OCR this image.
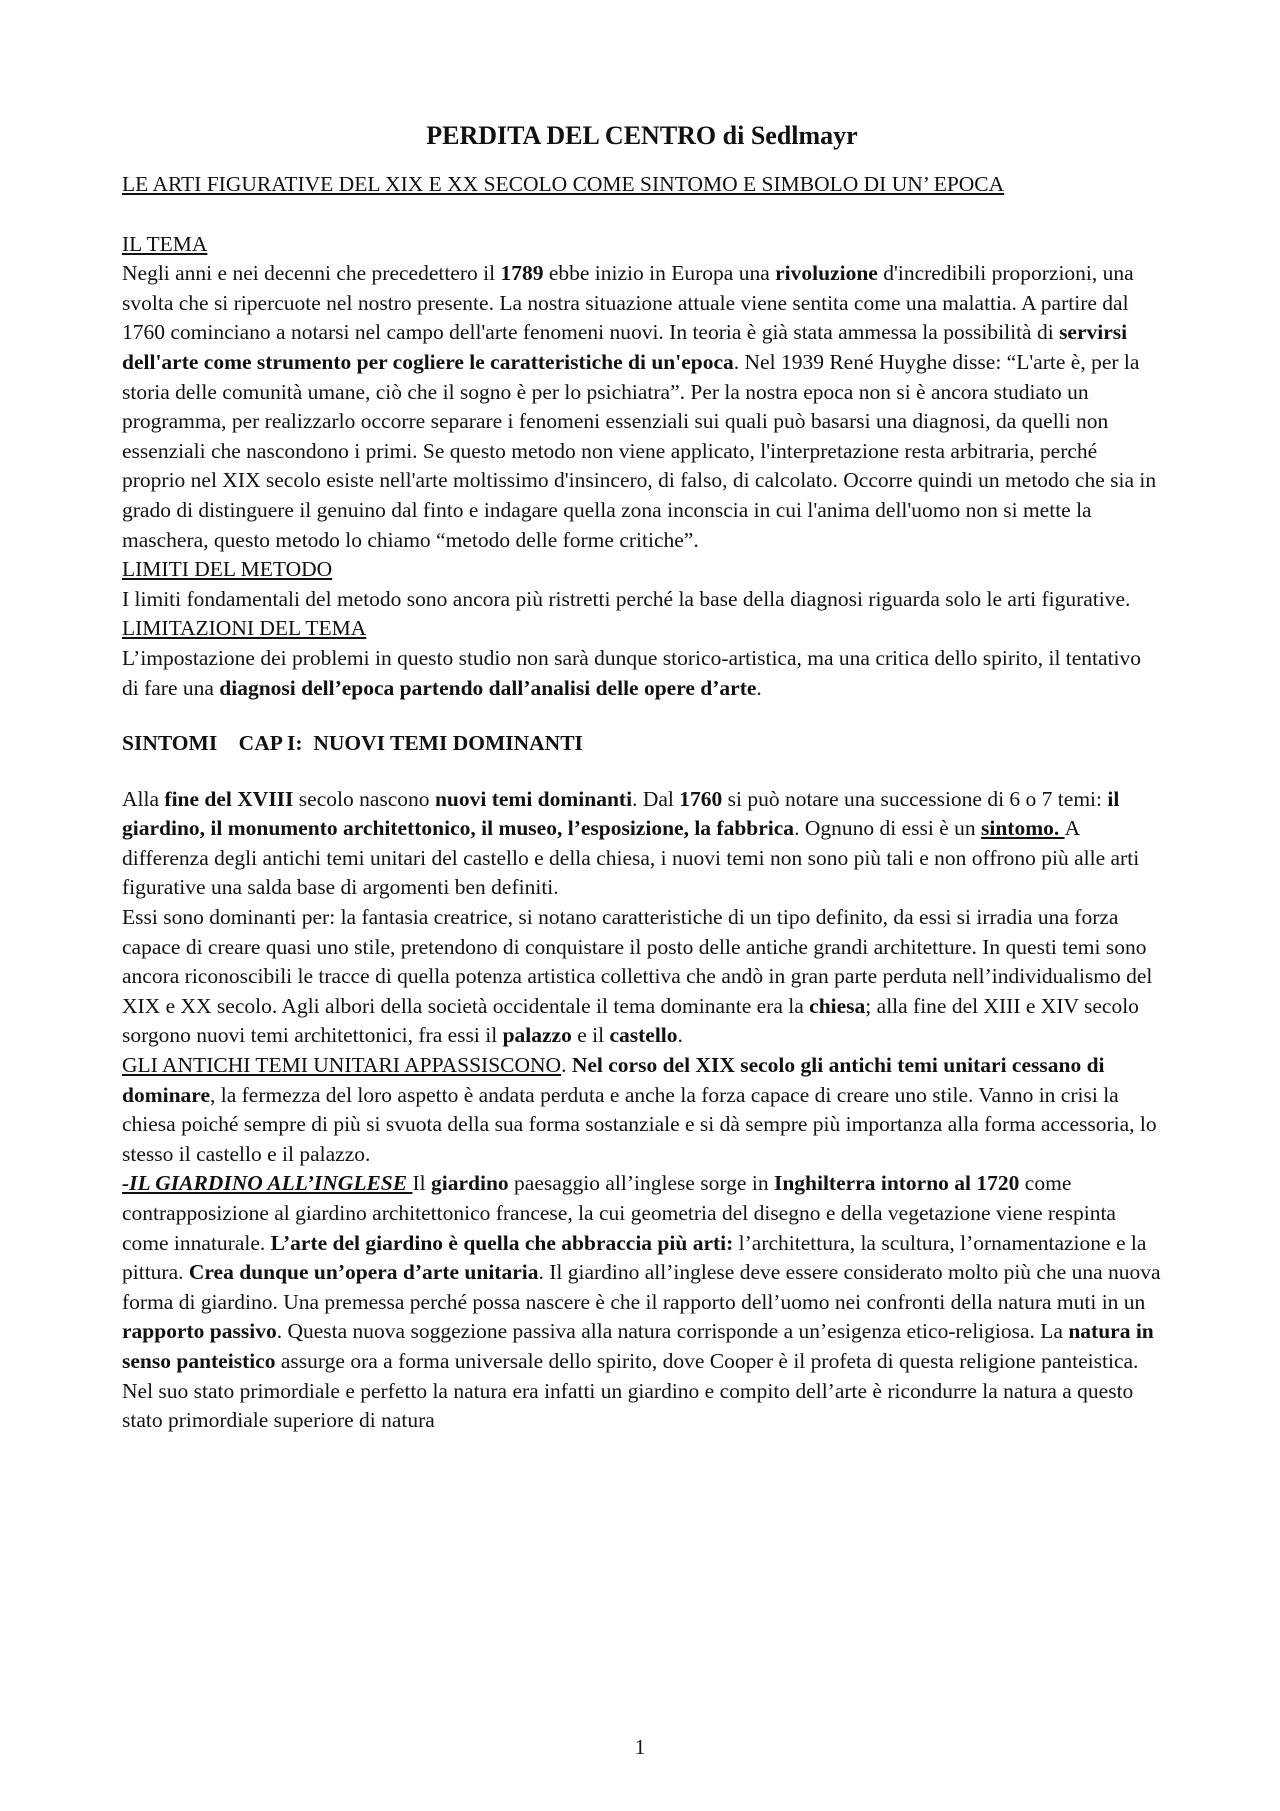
PERDITA DEL CENTRO di Sedlmayr

LE ARTI FIGURATIVE DEL XIX E XX SECOLO COME SINTOMO E SIMBOLO DI UN’ EPOCA

IL TEMA

Negli anni e nei decenni che precedettero il 1789 ebbe inizio in Europa una rivoluzione d'incredibili proporzioni, una svolta che si ripercuote nel nostro presente. La nostra situazione attuale viene sentita come una malattia. A partire dal 1760 cominciano a notarsi nel campo dell'arte fenomeni nuovi. In teoria è già stata ammessa la possibilità di servirsi dell'arte come strumento per cogliere le caratteristiche di un'epoca. Nel 1939 René Huyghe disse: “L'arte è, per la storia delle comunità umane, ciò che il sogno è per lo psichiatra”. Per la nostra epoca non si è ancora studiato un programma, per realizzarlo occorre separare i fenomeni essenziali sui quali può basarsi una diagnosi, da quelli non essenziali che nascondono i primi. Se questo metodo non viene applicato, l'interpretazione resta arbitraria, perché proprio nel XIX secolo esiste nell'arte moltissimo d'insincero, di falso, di calcolato. Occorre quindi un metodo che sia in grado di distinguere il genuino dal finto e indagare quella zona inconscia in cui l'anima dell'uomo non si mette la maschera, questo metodo lo chiamo “metodo delle forme critiche”.

LIMITI DEL METODO

I limiti fondamentali del metodo sono ancora più ristretti perché la base della diagnosi riguarda solo le arti figurative.

LIMITAZIONI DEL TEMA

L’impostazione dei problemi in questo studio non sarà dunque storico-artistica, ma una critica dello spirito, il tentativo di fare una diagnosi dell’epoca partendo dall’analisi delle opere d’arte.

SINTOMI    CAP I:  NUOVI TEMI DOMINANTI

Alla fine del XVIII secolo nascono nuovi temi dominanti. Dal 1760 si può notare una successione di 6 o 7 temi: il giardino, il monumento architettonico, il museo, l’esposizione, la fabbrica. Ognuno di essi è un sintomo. A differenza degli antichi temi unitari del castello e della chiesa, i nuovi temi non sono più tali e non offrono più alle arti figurative una salda base di argomenti ben definiti.

Essi sono dominanti per: la fantasia creatrice, si notano caratteristiche di un tipo definito, da essi si irradia una forza capace di creare quasi uno stile, pretendono di conquistare il posto delle antiche grandi architetture. In questi temi sono ancora riconoscibili le tracce di quella potenza artistica collettiva che andò in gran parte perduta nell’individualismo del XIX e XX secolo. Agli albori della società occidentale il tema dominante era la chiesa; alla fine del XIII e XIV secolo sorgono nuovi temi architettonici, fra essi il palazzo e il castello.

GLI ANTICHI TEMI UNITARI APPASSISCONO. Nel corso del XIX secolo gli antichi temi unitari cessano di dominare, la fermezza del loro aspetto è andata perduta e anche la forza capace di creare uno stile. Vanno in crisi la chiesa poiché sempre di più si svuota della sua forma sostanziale e si dà sempre più importanza alla forma accessoria, lo stesso il castello e il palazzo.

-IL GIARDINO ALL’INGLESE Il giardino paesaggio all’inglese sorge in Inghilterra intorno al 1720 come contrapposizione al giardino architettonico francese, la cui geometria del disegno e della vegetazione viene respinta come innaturale. L’arte del giardino è quella che abbraccia più arti: l’architettura, la scultura, l’ornamentazione e la pittura. Crea dunque un’opera d’arte unitaria. Il giardino all’inglese deve essere considerato molto più che una nuova forma di giardino. Una premessa perché possa nascere è che il rapporto dell’uomo nei confronti della natura muti in un rapporto passivo. Questa nuova soggezione passiva alla natura corrisponde a un’esigenza etico-religiosa. La natura in senso panteistico assurge ora a forma universale dello spirito, dove Cooper è il profeta di questa religione panteistica. Nel suo stato primordiale e perfetto la natura era infatti un giardino e compito dell’arte è ricondurre la natura a questo stato primordiale superiore di natura

1
